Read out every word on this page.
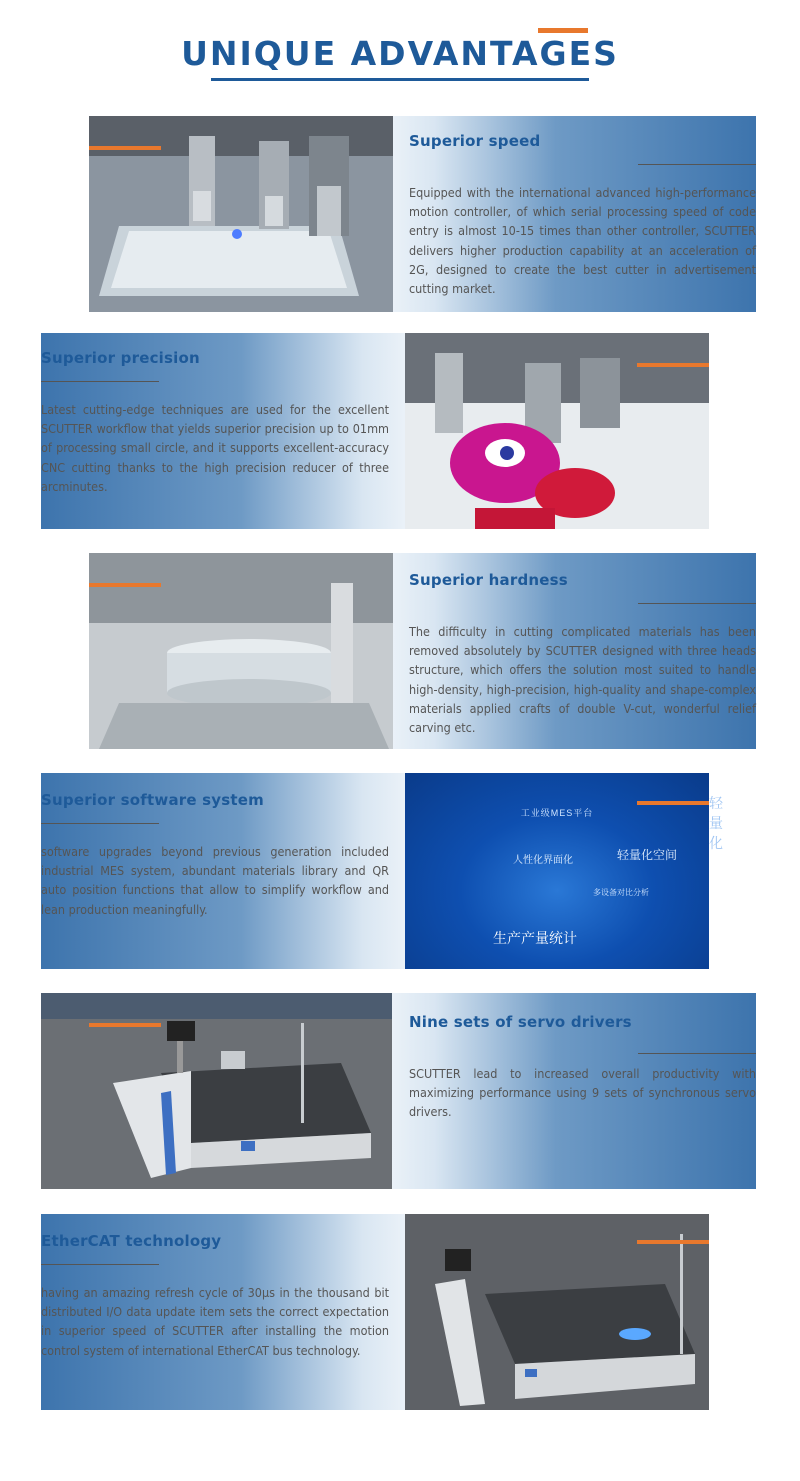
UNIQUE ADVANTAGES
Superior speed
Equipped with the international advanced high-performance motion controller, of which serial processing speed of code entry is almost 10-15 times than other controller, SCUTTER delivers higher production capability at an acceleration of 2G, designed to create the best cutter in advertisement cutting market.
Superior precision
Latest cutting-edge techniques are used for the excellent SCUTTER workflow that yields superior precision up to 01mm of processing small circle, and it supports excellent-accuracy CNC cutting thanks to the high precision reducer of three arcminutes.
Superior hardness
The difficulty in cutting complicated materials has been removed absolutely by SCUTTER designed with three heads structure, which offers the solution most suited to handle high-density, high-precision, high-quality and shape-complex materials applied crafts of double V-cut, wonderful relief carving etc.
Superior software system
software upgrades beyond previous generation included industrial MES system, abundant materials library and QR auto position functions that allow to simplify workflow and lean production meaningfully.
工业级MES平台
人性化界面化	轻量化空间
多设备对比分析
生产产量统计
轻量化
Nine sets of servo drivers
SCUTTER lead to increased overall productivity with maximizing performance using 9 sets of synchronous servo drivers.
EtherCAT technology
having an amazing refresh cycle of 30μs in the thousand bit distributed I/O data update item sets the correct expectation in superior speed of SCUTTER after installing the motion control system of international EtherCAT bus technology.
